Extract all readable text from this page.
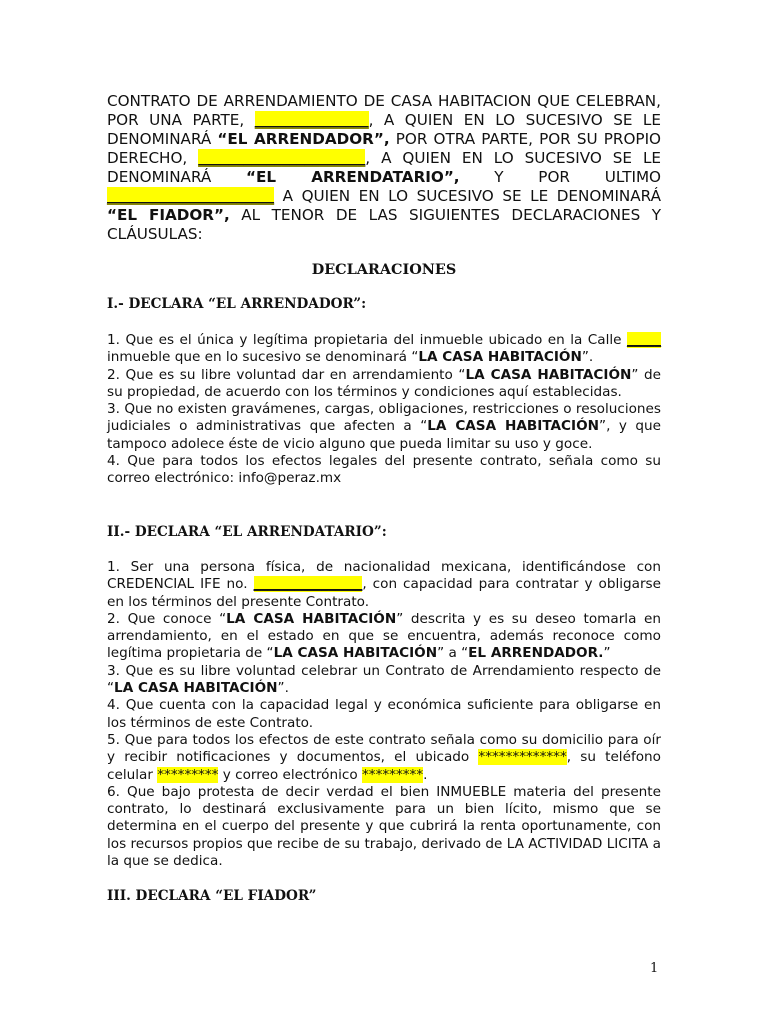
CONTRATO DE ARRENDAMIENTO DE CASA HABITACION QUE CELEBRAN, POR UNA PARTE, _______________, A QUIEN EN LO SUCESIVO SE LE DENOMINARÁ “EL ARRENDADOR”, POR OTRA PARTE, POR SU PROPIO DERECHO, ______________________, A QUIEN EN LO SUCESIVO SE LE DENOMINARÁ “EL ARRENDATARIO”, Y POR ULTIMO ______________________ A QUIEN EN LO SUCESIVO SE LE DENOMINARÁ “EL FIADOR”, AL TENOR DE LAS SIGUIENTES DECLARACIONES Y CLÁUSULAS:
DECLARACIONES
I.- DECLARA “EL ARRENDADOR”:
1. Que es el única y legítima propietaria del inmueble ubicado en la Calle _____ inmueble que en lo sucesivo se denominará “LA CASA HABITACIÓN”.
2. Que es su libre voluntad dar en arrendamiento “LA CASA HABITACIÓN” de su propiedad, de acuerdo con los términos y condiciones aquí establecidas.
3. Que no existen gravámenes, cargas, obligaciones, restricciones o resoluciones judiciales o administrativas que afecten a “LA CASA HABITACIÓN”, y que tampoco adolece éste de vicio alguno que pueda limitar su uso y goce.
4. Que para todos los efectos legales del presente contrato, señala como su correo electrónico: info@peraz.mx
II.- DECLARA “EL ARRENDATARIO”:
1. Ser una persona física, de nacionalidad mexicana, identificándose con CREDENCIAL IFE no. ________________, con capacidad para contratar y obligarse en los términos del presente Contrato.
2. Que conoce “LA CASA HABITACIÓN” descrita y es su deseo tomarla en arrendamiento, en el estado en que se encuentra, además reconoce como legítima propietaria de “LA CASA HABITACIÓN” a “EL ARRENDADOR.”
3. Que es su libre voluntad celebrar un Contrato de Arrendamiento respecto de “LA CASA HABITACIÓN”.
4. Que cuenta con la capacidad legal y económica suficiente para obligarse en los términos de este Contrato.
5. Que para todos los efectos de este contrato señala como su domicilio para oír y recibir notificaciones y documentos, el ubicado *************, su teléfono celular ********* y correo electrónico *********.
6. Que bajo protesta de decir verdad el bien INMUEBLE materia del presente contrato, lo destinará exclusivamente para un bien lícito, mismo que se determina en el cuerpo del presente y que cubrirá la renta oportunamente, con los recursos propios que recibe de su trabajo, derivado de LA ACTIVIDAD LICITA a la que se dedica.
III. DECLARA “EL FIADOR”
1
